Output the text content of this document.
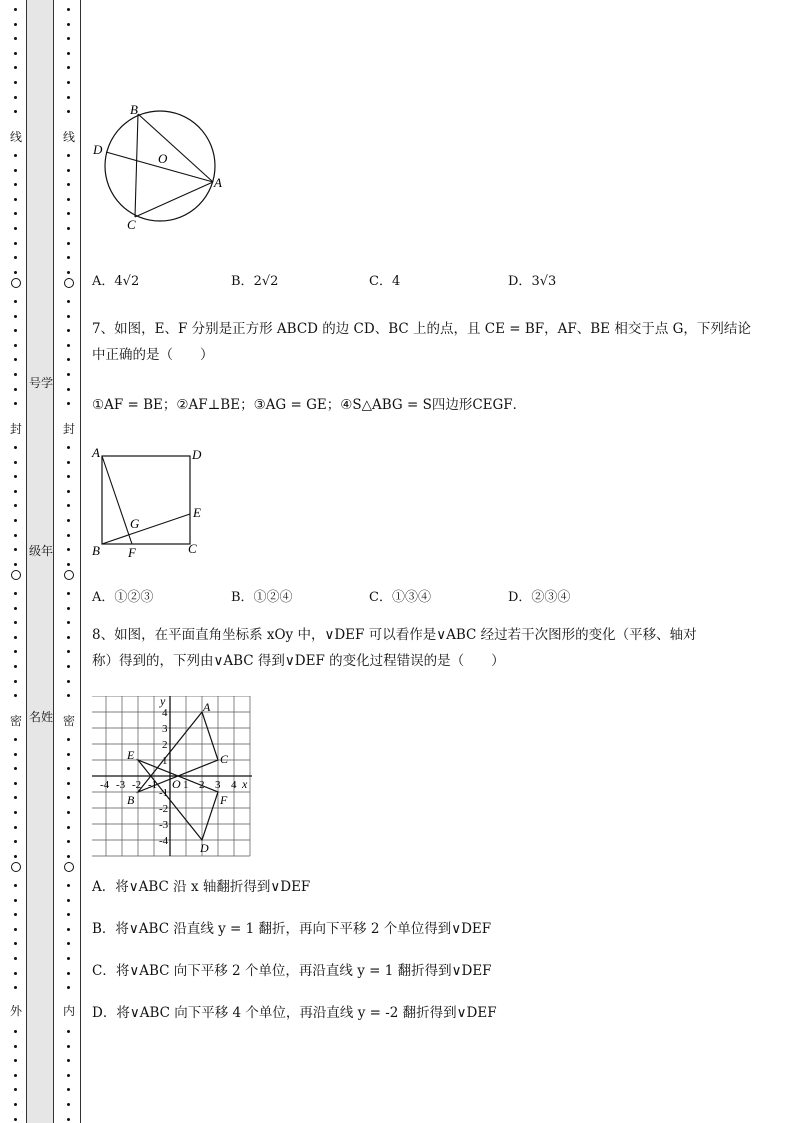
线
封
密
外
号学
级年
名姓
线
封
密
内
B
D
O
A
C
A．4√2	B．2√2	C．4	D．3√3
7、如图，E、F 分别是正方形 ABCD 的边 CD、BC 上的点，且 CE = BF，AF、BE 相交于点 G，下列结论
中正确的是（　　）
①AF = BE；②AF⊥BE；③AG = GE；④S△ABG = S四边形CEGF．
A	D
E
G
B F	C
A．①②③	B．①②④	C．①③④	D．②③④
8、如图，在平面直角坐标系 xOy 中，∨DEF 可以看作是∨ABC 经过若干次图形的变化（平移、轴对
称）得到的，下列由∨ABC 得到∨DEF 的变化过程错误的是（　　）
-4 -3 -2 -1 1 2 3 4
4
3
2
1
-1
-2
-3
-4
x
y
O
A
B
C
D
E
F
A．将∨ABC 沿 x 轴翻折得到∨DEF
B．将∨ABC 沿直线 y = 1 翻折，再向下平移 2 个单位得到∨DEF
C．将∨ABC 向下平移 2 个单位，再沿直线 y = 1 翻折得到∨DEF
D．将∨ABC 向下平移 4 个单位，再沿直线 y = -2 翻折得到∨DEF
